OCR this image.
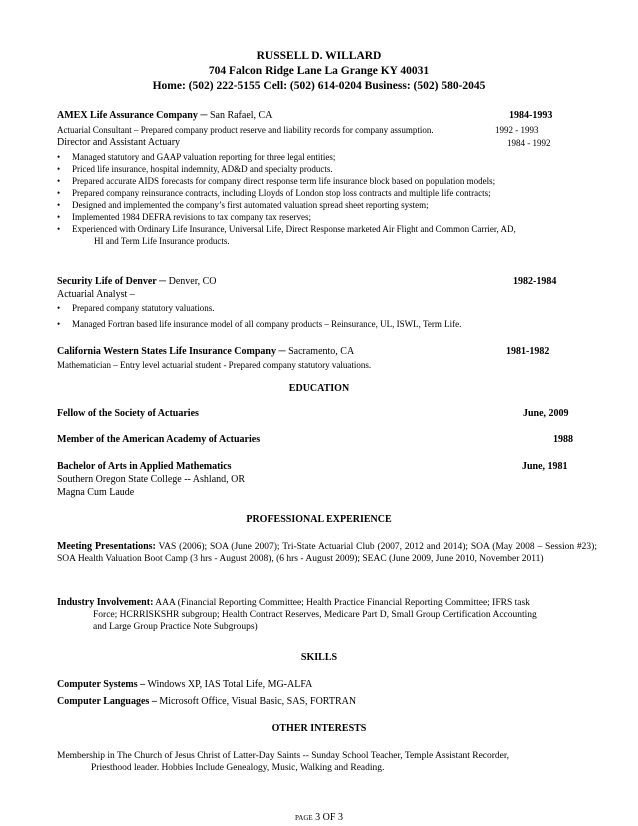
RUSSELL D. WILLARD
704 Falcon Ridge Lane La Grange KY 40031
Home: (502) 222-5155 Cell: (502) 614-0204 Business: (502) 580-2045
AMEX Life Assurance Company ─ San Rafael, CA	1984-1993
Actuarial Consultant – Prepared company product reserve and liability records for company assumption.	1992 - 1993
Director and Assistant Actuary	1984 - 1992
• Managed statutory and GAAP valuation reporting for three legal entities;
• Priced life insurance, hospital indemnity, AD&D and specialty products.
• Prepared accurate AIDS forecasts for company direct response term life insurance block based on population models;
• Prepared company reinsurance contracts, including Lloyds of London stop loss contracts and multiple life contracts;
• Designed and implemented the company’s first automated valuation spread sheet reporting system;
• Implemented 1984 DEFRA revisions to tax company tax reserves;
• Experienced with Ordinary Life Insurance, Universal Life, Direct Response marketed Air Flight and Common Carrier, AD,
HI and Term Life Insurance products.
Security Life of Denver ─ Denver, CO	1982-1984
Actuarial Analyst –
• Prepared company statutory valuations.
• Managed Fortran based life insurance model of all company products – Reinsurance, UL, ISWL, Term Life.
California Western States Life Insurance Company ─ Sacramento, CA	1981-1982
Mathematician – Entry level actuarial student - Prepared company statutory valuations.
EDUCATION
Fellow of the Society of Actuaries	June, 2009
Member of the American Academy of Actuaries	1988
Bachelor of Arts in Applied Mathematics	June, 1981
Southern Oregon State College -- Ashland, OR
Magna Cum Laude
PROFESSIONAL EXPERIENCE
Meeting Presentations: VAS (2006); SOA (June 2007); Tri-State Actuarial Club (2007, 2012 and 2014); SOA (May 2008 – Session #23); SOA Health Valuation Boot Camp (3 hrs - August 2008), (6 hrs - August 2009); SEAC (June 2009, June 2010, November 2011)
Industry Involvement: AAA (Financial Reporting Committee; Health Practice Financial Reporting Committee; IFRS task
Force; HCRRISKSHR subgroup; Health Contract Reserves, Medicare Part D, Small Group Certification Accounting
and Large Group Practice Note Subgroups)
SKILLS
Computer Systems – Windows XP, IAS Total Life, MG-ALFA
Computer Languages – Microsoft Office, Visual Basic, SAS, FORTRAN
OTHER INTERESTS
Membership in The Church of Jesus Christ of Latter-Day Saints -- Sunday School Teacher, Temple Assistant Recorder,
Priesthood leader. Hobbies Include Genealogy, Music, Walking and Reading.
PAGE 3 OF 3
